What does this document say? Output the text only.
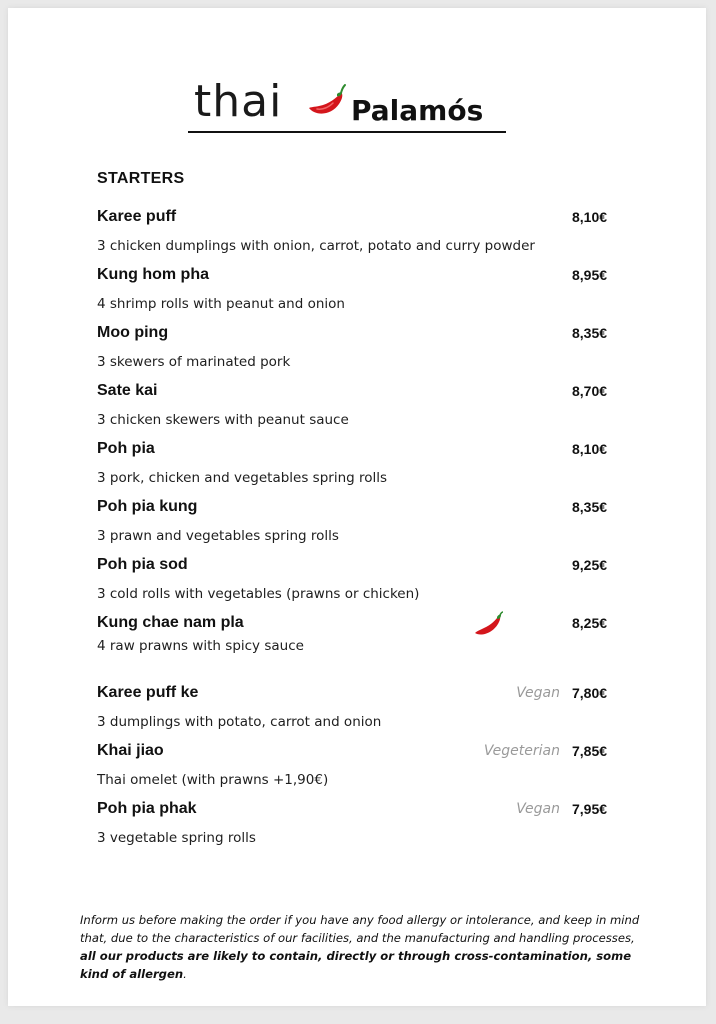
thai Palamós
STARTERS
Karee puff	8,10€
3 chicken dumplings with onion, carrot, potato and curry powder
Kung hom pha	8,95€
4 shrimp rolls with peanut and onion
Moo ping	8,35€
3 skewers of marinated pork
Sate kai	8,70€
3 chicken skewers with peanut sauce
Poh pia	8,10€
3 pork, chicken and vegetables spring rolls
Poh pia kung	8,35€
3 prawn and vegetables spring rolls
Poh pia sod	9,25€
3 cold rolls with vegetables (prawns or chicken)
Kung chae nam pla	8,25€
4 raw prawns with spicy sauce
Karee puff ke	Vegan 7,80€
3 dumplings with potato, carrot and onion
Khai jiao	Vegeterian 7,85€
Thai omelet (with prawns +1,90€)
Poh pia phak	Vegan 7,95€
3 vegetable spring rolls
Inform us before making the order if you have any food allergy or intolerance, and keep in mind that, due to the characteristics of our facilities, and the manufacturing and handling processes, all our products are likely to contain, directly or through cross-contamination, some kind of allergen.
